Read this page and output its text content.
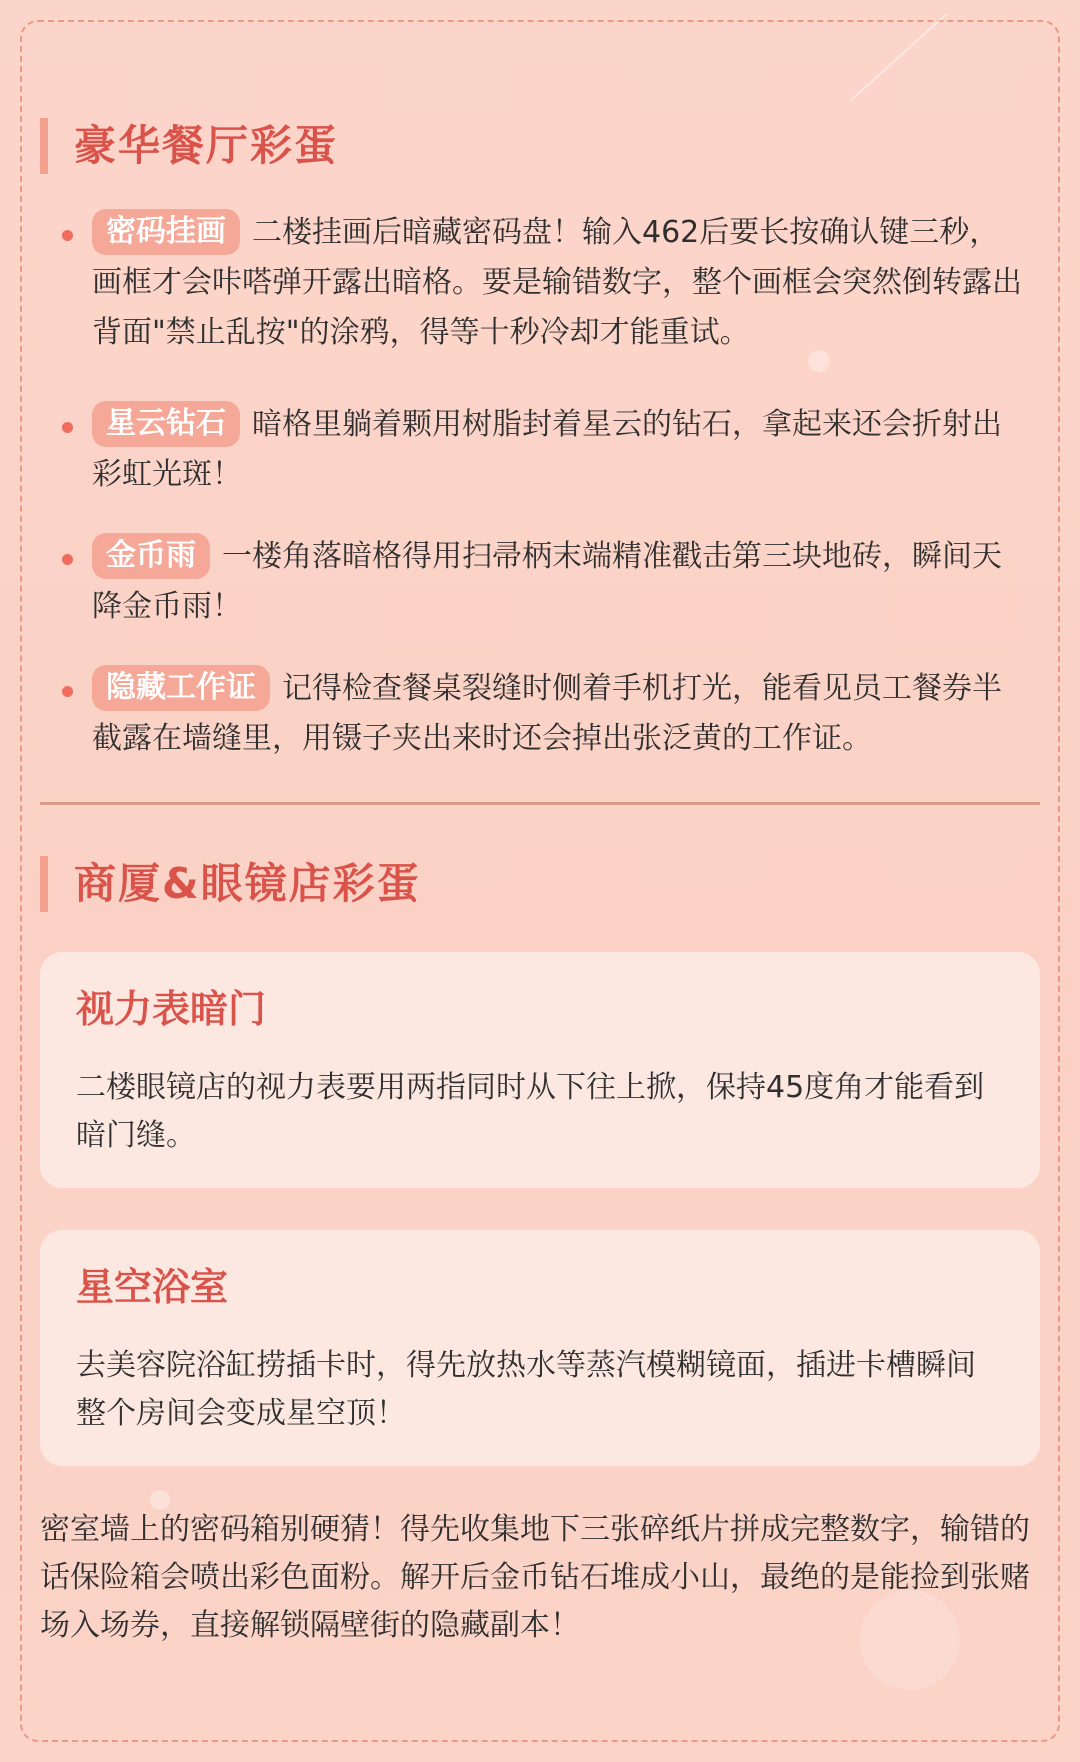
豪华餐厅彩蛋
密码挂画 二楼挂画后暗藏密码盘！输入462后要长按确认键三秒，画框才会咔嗒弹开露出暗格。要是输错数字，整个画框会突然倒转露出背面"禁止乱按"的涂鸦，得等十秒冷却才能重试。
星云钻石 暗格里躺着颗用树脂封着星云的钻石，拿起来还会折射出彩虹光斑！
金币雨 一楼角落暗格得用扫帚柄末端精准戳击第三块地砖，瞬间天降金币雨！
隐藏工作证 记得检查餐桌裂缝时侧着手机打光，能看见员工餐券半截露在墙缝里，用镊子夹出来时还会掉出张泛黄的工作证。
商厦&眼镜店彩蛋
视力表暗门
二楼眼镜店的视力表要用两指同时从下往上掀，保持45度角才能看到暗门缝。
星空浴室
去美容院浴缸捞插卡时，得先放热水等蒸汽模糊镜面，插进卡槽瞬间整个房间会变成星空顶！
密室墙上的密码箱别硬猜！得先收集地下三张碎纸片拼成完整数字，输错的话保险箱会喷出彩色面粉。解开后金币钻石堆成小山，最绝的是能捡到张赌场入场券，直接解锁隔壁街的隐藏副本！
